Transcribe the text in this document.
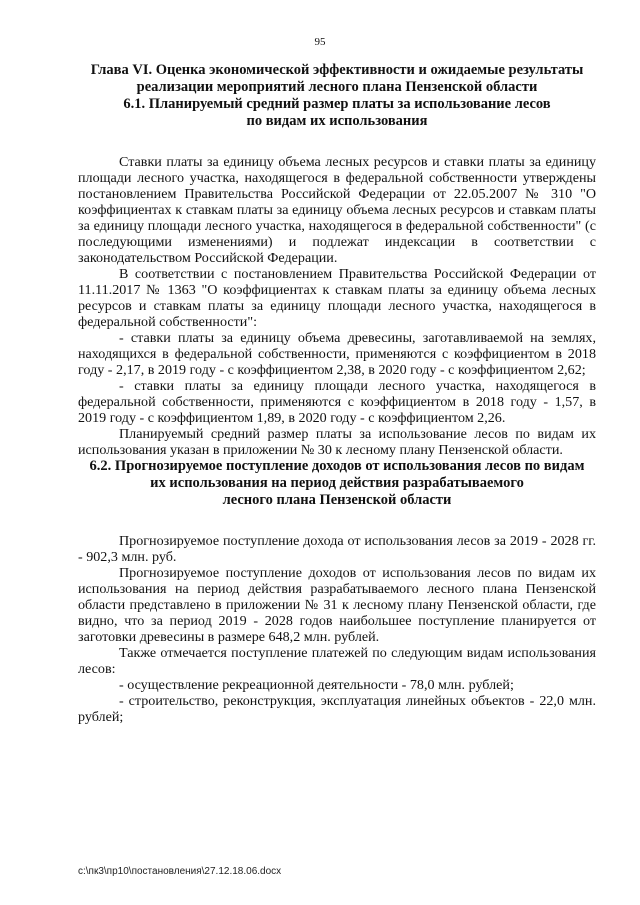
95
Глава VI. Оценка экономической эффективности и ожидаемые результаты
реализации мероприятий лесного плана Пензенской области
6.1. Планируемый средний размер платы за использование лесов
по видам их использования

Ставки платы за единицу объема лесных ресурсов и ставки платы за единицу площади лесного участка, находящегося в федеральной собственности утверждены постановлением Правительства Российской Федерации от 22.05.2007 № 310 "О коэффициентах к ставкам платы за единицу объема лесных ресурсов и ставкам платы за единицу площади лесного участка, находящегося в федеральной собственности" (с последующими изменениями) и подлежат индексации в соответствии с законодательством Российской Федерации.

В соответствии с постановлением Правительства Российской Федерации от 11.11.2017 № 1363 "О коэффициентах к ставкам платы за единицу объема лесных ресурсов и ставкам платы за единицу площади лесного участка, находящегося в федеральной собственности":

- ставки платы за единицу объема древесины, заготавливаемой на землях, находящихся в федеральной собственности, применяются с коэффициентом в 2018 году - 2,17, в 2019 году - с коэффициентом 2,38, в 2020 году - с коэффициентом 2,62;

- ставки платы за единицу площади лесного участка, находящегося в федеральной собственности, применяются с коэффициентом в 2018 году - 1,57, в 2019 году - с коэффициентом 1,89, в 2020 году - с коэффициентом 2,26.

Планируемый средний размер платы за использование лесов по видам их использования указан в приложении № 30 к лесному плану Пензенской области.

6.2. Прогнозируемое поступление доходов от использования лесов по видам
их использования на период действия разрабатываемого
лесного плана Пензенской области

Прогнозируемое поступление дохода от использования лесов за 2019 - 2028 гг. - 902,3 млн. руб.

Прогнозируемое поступление доходов от использования лесов по видам их использования на период действия разрабатываемого лесного плана Пензенской области представлено в приложении № 31 к лесному плану Пензенской области, где видно, что за период 2019 - 2028 годов наибольшее поступление планируется от заготовки древесины в размере 648,2 млн. рублей.

Также отмечается поступление платежей по следующим видам использования лесов:

- осуществление рекреационной деятельности - 78,0 млн. рублей;

- строительство, реконструкция, эксплуатация линейных объектов - 22,0 млн. рублей;

c:\пк3\пр10\постановления\27.12.18.06.docx
